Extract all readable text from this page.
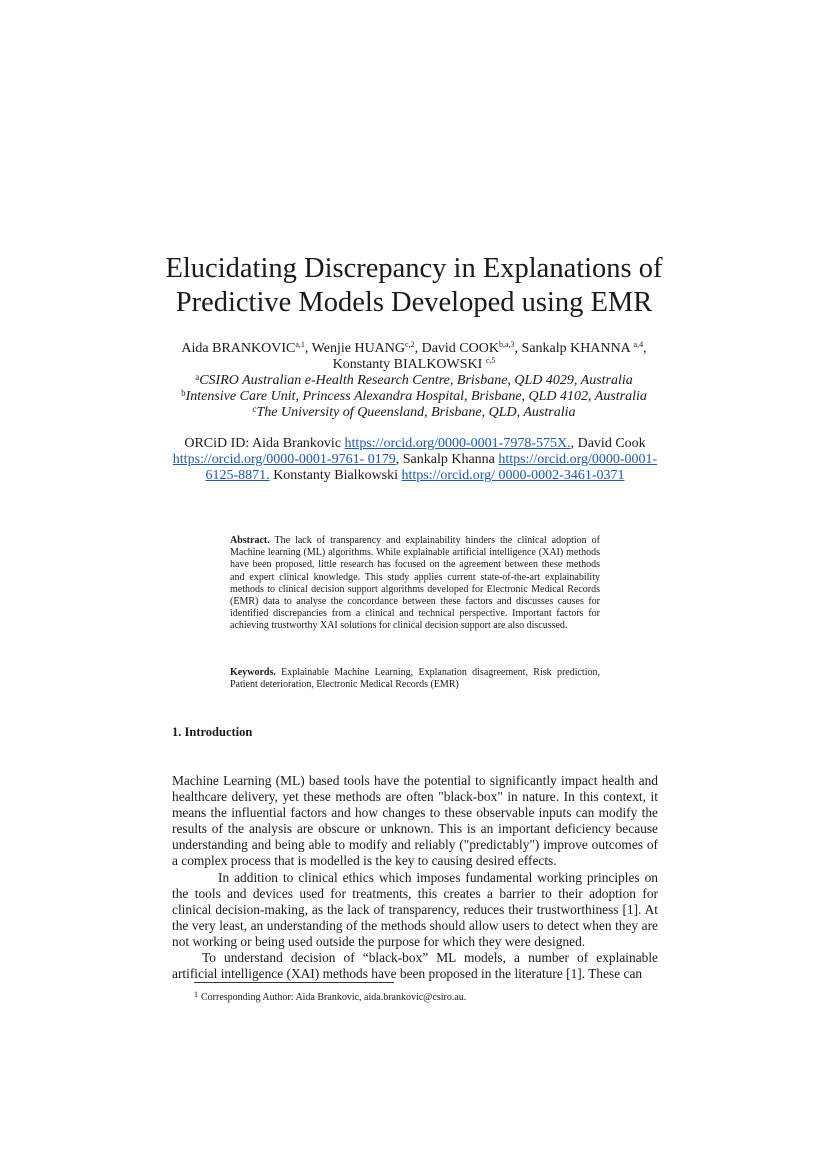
Elucidating Discrepancy in Explanations of
Predictive Models Developed using EMR
Aida BRANKOVIC$^{a,1}$, Wenjie HUANG$^{c,2}$, David COOK$^{b,a,3}$, Sankalp KHANNA $^{a,4}$,
Konstanty BIALKOWSKI $^{c,5}$
$^a$CSIRO Australian e-Health Research Centre, Brisbane, QLD 4029, Australia
$^b$Intensive Care Unit, Princess Alexandra Hospital, Brisbane, QLD 4102, Australia
$^c$The University of Queensland, Brisbane, QLD, Australia
ORCiD ID: Aida Brankovic https://orcid.org/0000-0001-7978-575X., David Cook https://orcid.org/0000-0001-9761- 0179, Sankalp Khanna https://orcid.org/0000-0001-6125-8871. Konstanty Bialkowski https://orcid.org/ 0000-0002-3461-0371

Abstract. The lack of transparency and explainability hinders the clinical adoption of Machine learning (ML) algorithms. While explainable artificial intelligence (XAI) methods have been proposed, little research has focused on the agreement between these methods and expert clinical knowledge. This study applies current state-of-the-art explainability methods to clinical decision support algorithms developed for Electronic Medical Records (EMR) data to analyse the concordance between these factors and discusses causes for identified discrepancies from a clinical and technical perspective. Important factors for achieving trustworthy XAI solutions for clinical decision support are also discussed.

Keywords. Explainable Machine Learning, Explanation disagreement, Risk prediction, Patient deterioration, Electronic Medical Records (EMR)

1. Introduction

Machine Learning (ML) based tools have the potential to significantly impact health and healthcare delivery, yet these methods are often "black-box" in nature. In this context, it means the influential factors and how changes to these observable inputs can modify the results of the analysis are obscure or unknown. This is an important deficiency because understanding and being able to modify and reliably ("predictably") improve outcomes of a complex process that is modelled is the key to causing desired effects.

In addition to clinical ethics which imposes fundamental working principles on the tools and devices used for treatments, this creates a barrier to their adoption for clinical decision-making, as the lack of transparency, reduces their trustworthiness [1]. At the very least, an understanding of the methods should allow users to detect when they are not working or being used outside the purpose for which they were designed.

To understand decision of “black-box” ML models, a number of explainable artificial intelligence (XAI) methods have been proposed in the literature [1]. These can

$^1$ Corresponding Author: Aida Brankovic, aida.brankovic@csiro.au.
